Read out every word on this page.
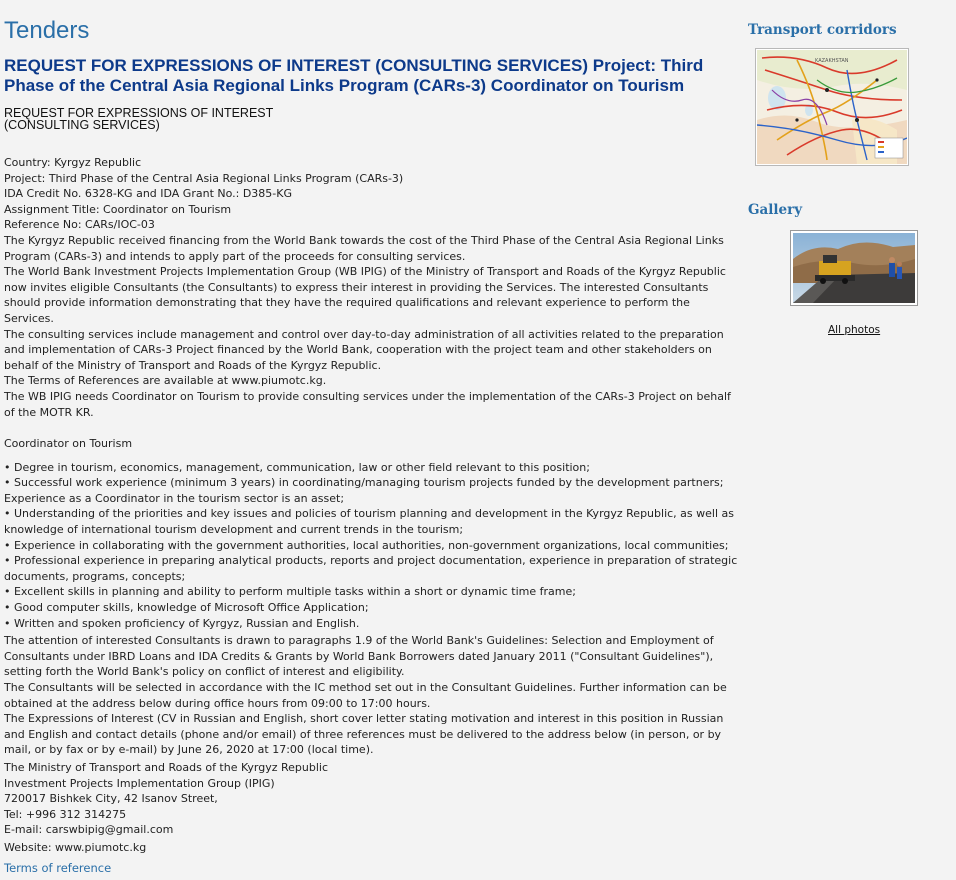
Tenders
REQUEST FOR EXPRESSIONS OF INTEREST (CONSULTING SERVICES) Project: Third Phase of the Central Asia Regional Links Program (CARs-3) Coordinator on Tourism
REQUEST FOR EXPRESSIONS OF INTEREST
(CONSULTING SERVICES)

Country: Kyrgyz Republic

Project: Third Phase of the Central Asia Regional Links Program (CARs-3)

IDA Credit No. 6328-KG and IDA Grant No.: D385-KG

Assignment Title: Coordinator on Tourism

Reference No: CARs/IOC-03

The Kyrgyz Republic received financing from the World Bank towards the cost of the Third Phase of the Central Asia Regional Links Program (CARs-3) and intends to apply part of the proceeds for consulting services.

The World Bank Investment Projects Implementation Group (WB IPIG) of the Ministry of Transport and Roads of the Kyrgyz Republic now invites eligible Consultants (the Consultants) to express their interest in providing the Services. The interested Consultants should provide information demonstrating that they have the required qualifications and relevant experience to perform the Services.

The consulting services include management and control over day-to-day administration of all activities related to the preparation and implementation of CARs-3 Project financed by the World Bank, cooperation with the project team and other stakeholders on behalf of the Ministry of Transport and Roads of the Kyrgyz Republic.

The Terms of References are available at www.piumotc.kg.

The WB IPIG needs Coordinator on Tourism to provide consulting services under the implementation of the CARs-3 Project on behalf of the MOTR KR.

Coordinator on Tourism

• Degree in tourism, economics, management, communication, law or other field relevant to this position;

• Successful work experience (minimum 3 years) in coordinating/managing tourism projects funded by the development partners; Experience as a Coordinator in the tourism sector is an asset;

• Understanding of the priorities and key issues and policies of tourism planning and development in the Kyrgyz Republic, as well as knowledge of international tourism development and current trends in the tourism;

• Experience in collaborating with the government authorities, local authorities, non-government organizations, local communities;

• Professional experience in preparing analytical products, reports and project documentation, experience in preparation of strategic documents, programs, concepts;

• Excellent skills in planning and ability to perform multiple tasks within a short or dynamic time frame;

• Good computer skills, knowledge of Microsoft Office Application;

• Written and spoken proficiency of Kyrgyz, Russian and English.

The attention of interested Consultants is drawn to paragraphs 1.9 of the World Bank's Guidelines: Selection and Employment of Consultants under IBRD Loans and IDA Credits & Grants by World Bank Borrowers dated January 2011 ("Consultant Guidelines"), setting forth the World Bank's policy on conflict of interest and eligibility.

The Consultants will be selected in accordance with the IC method set out in the Consultant Guidelines. Further information can be obtained at the address below during office hours from 09:00 to 17:00 hours.

The Expressions of Interest (CV in Russian and English, short cover letter stating motivation and interest in this position in Russian and English and contact details (phone and/or email) of three references must be delivered to the address below (in person, or by mail, or by fax or by e-mail) by June 26, 2020 at 17:00 (local time).

The Ministry of Transport and Roads of the Kyrgyz Republic

Investment Projects Implementation Group (IPIG)

720017 Bishkek City, 42 Isanov Street,

Tel: +996 312 314275

E-mail: carswbipig@gmail.com

Website: www.piumotc.kg

Terms of reference
Transport corridors
KAZAKHSTAN
Gallery
All photos
